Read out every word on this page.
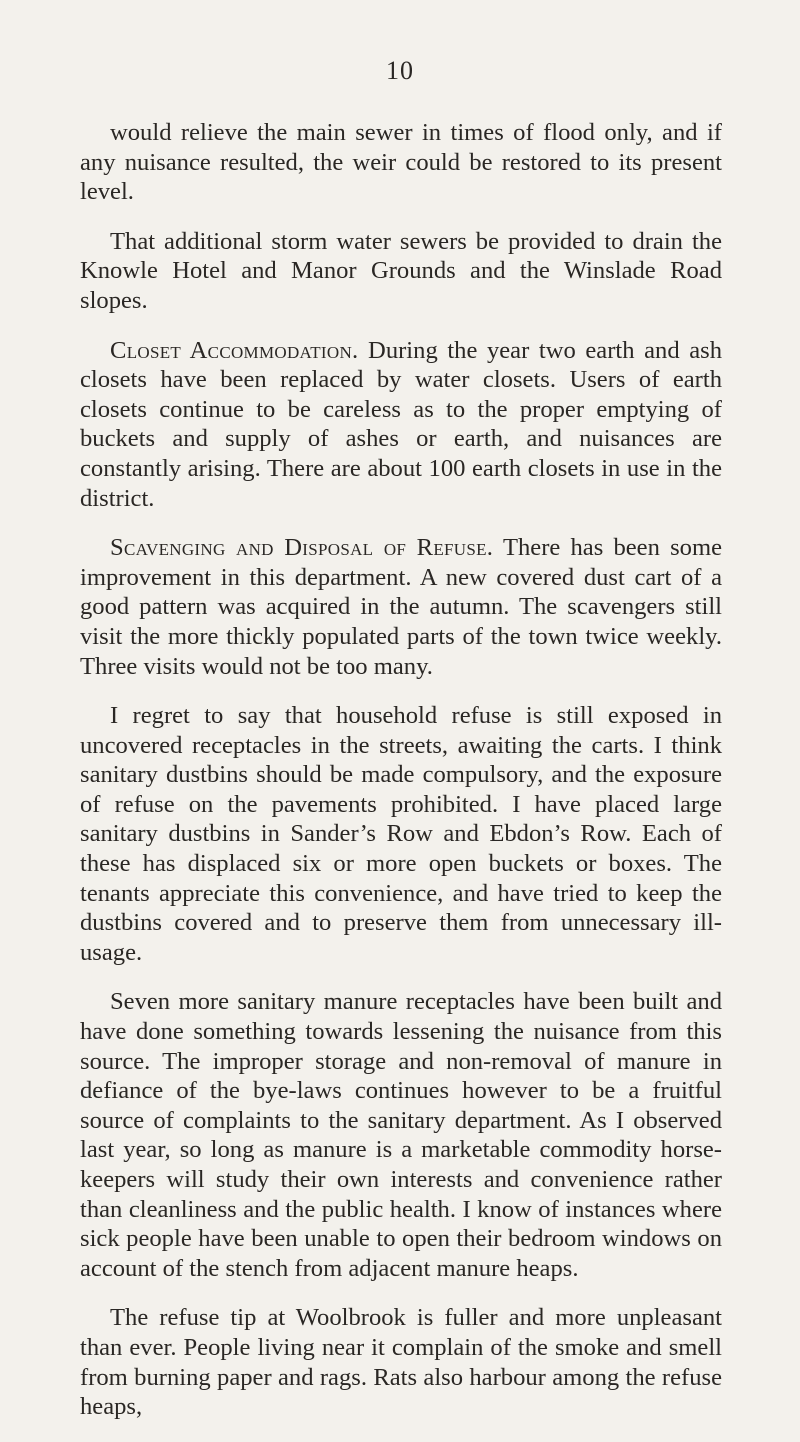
10

would relieve the main sewer in times of flood only, and if any nuisance resulted, the weir could be restored to its present level.

That additional storm water sewers be provided to drain the Knowle Hotel and Manor Grounds and the Winslade Road slopes.

Closet Accommodation. During the year two earth and ash closets have been replaced by water closets. Users of earth closets continue to be careless as to the proper emptying of buckets and supply of ashes or earth, and nuisances are constantly arising. There are about 100 earth closets in use in the district.

Scavenging and Disposal of Refuse. There has been some improvement in this department. A new covered dust cart of a good pattern was acquired in the autumn. The scavengers still visit the more thickly populated parts of the town twice weekly. Three visits would not be too many.

I regret to say that household refuse is still exposed in uncovered receptacles in the streets, awaiting the carts. I think sanitary dustbins should be made compulsory, and the exposure of refuse on the pavements prohibited. I have placed large sanitary dustbins in Sander’s Row and Ebdon’s Row. Each of these has displaced six or more open buckets or boxes. The tenants appreciate this convenience, and have tried to keep the dustbins covered and to preserve them from unnecessary ill-usage.

Seven more sanitary manure receptacles have been built and have done something towards lessening the nuisance from this source. The improper storage and non-removal of manure in defiance of the bye-laws continues however to be a fruitful source of complaints to the sanitary department. As I observed last year, so long as manure is a marketable commodity horse-keepers will study their own interests and convenience rather than cleanliness and the public health. I know of instances where sick people have been unable to open their bedroom windows on account of the stench from adjacent manure heaps.

The refuse tip at Woolbrook is fuller and more unpleasant than ever. People living near it complain of the smoke and smell from burning paper and rags. Rats also harbour among the refuse heaps,
